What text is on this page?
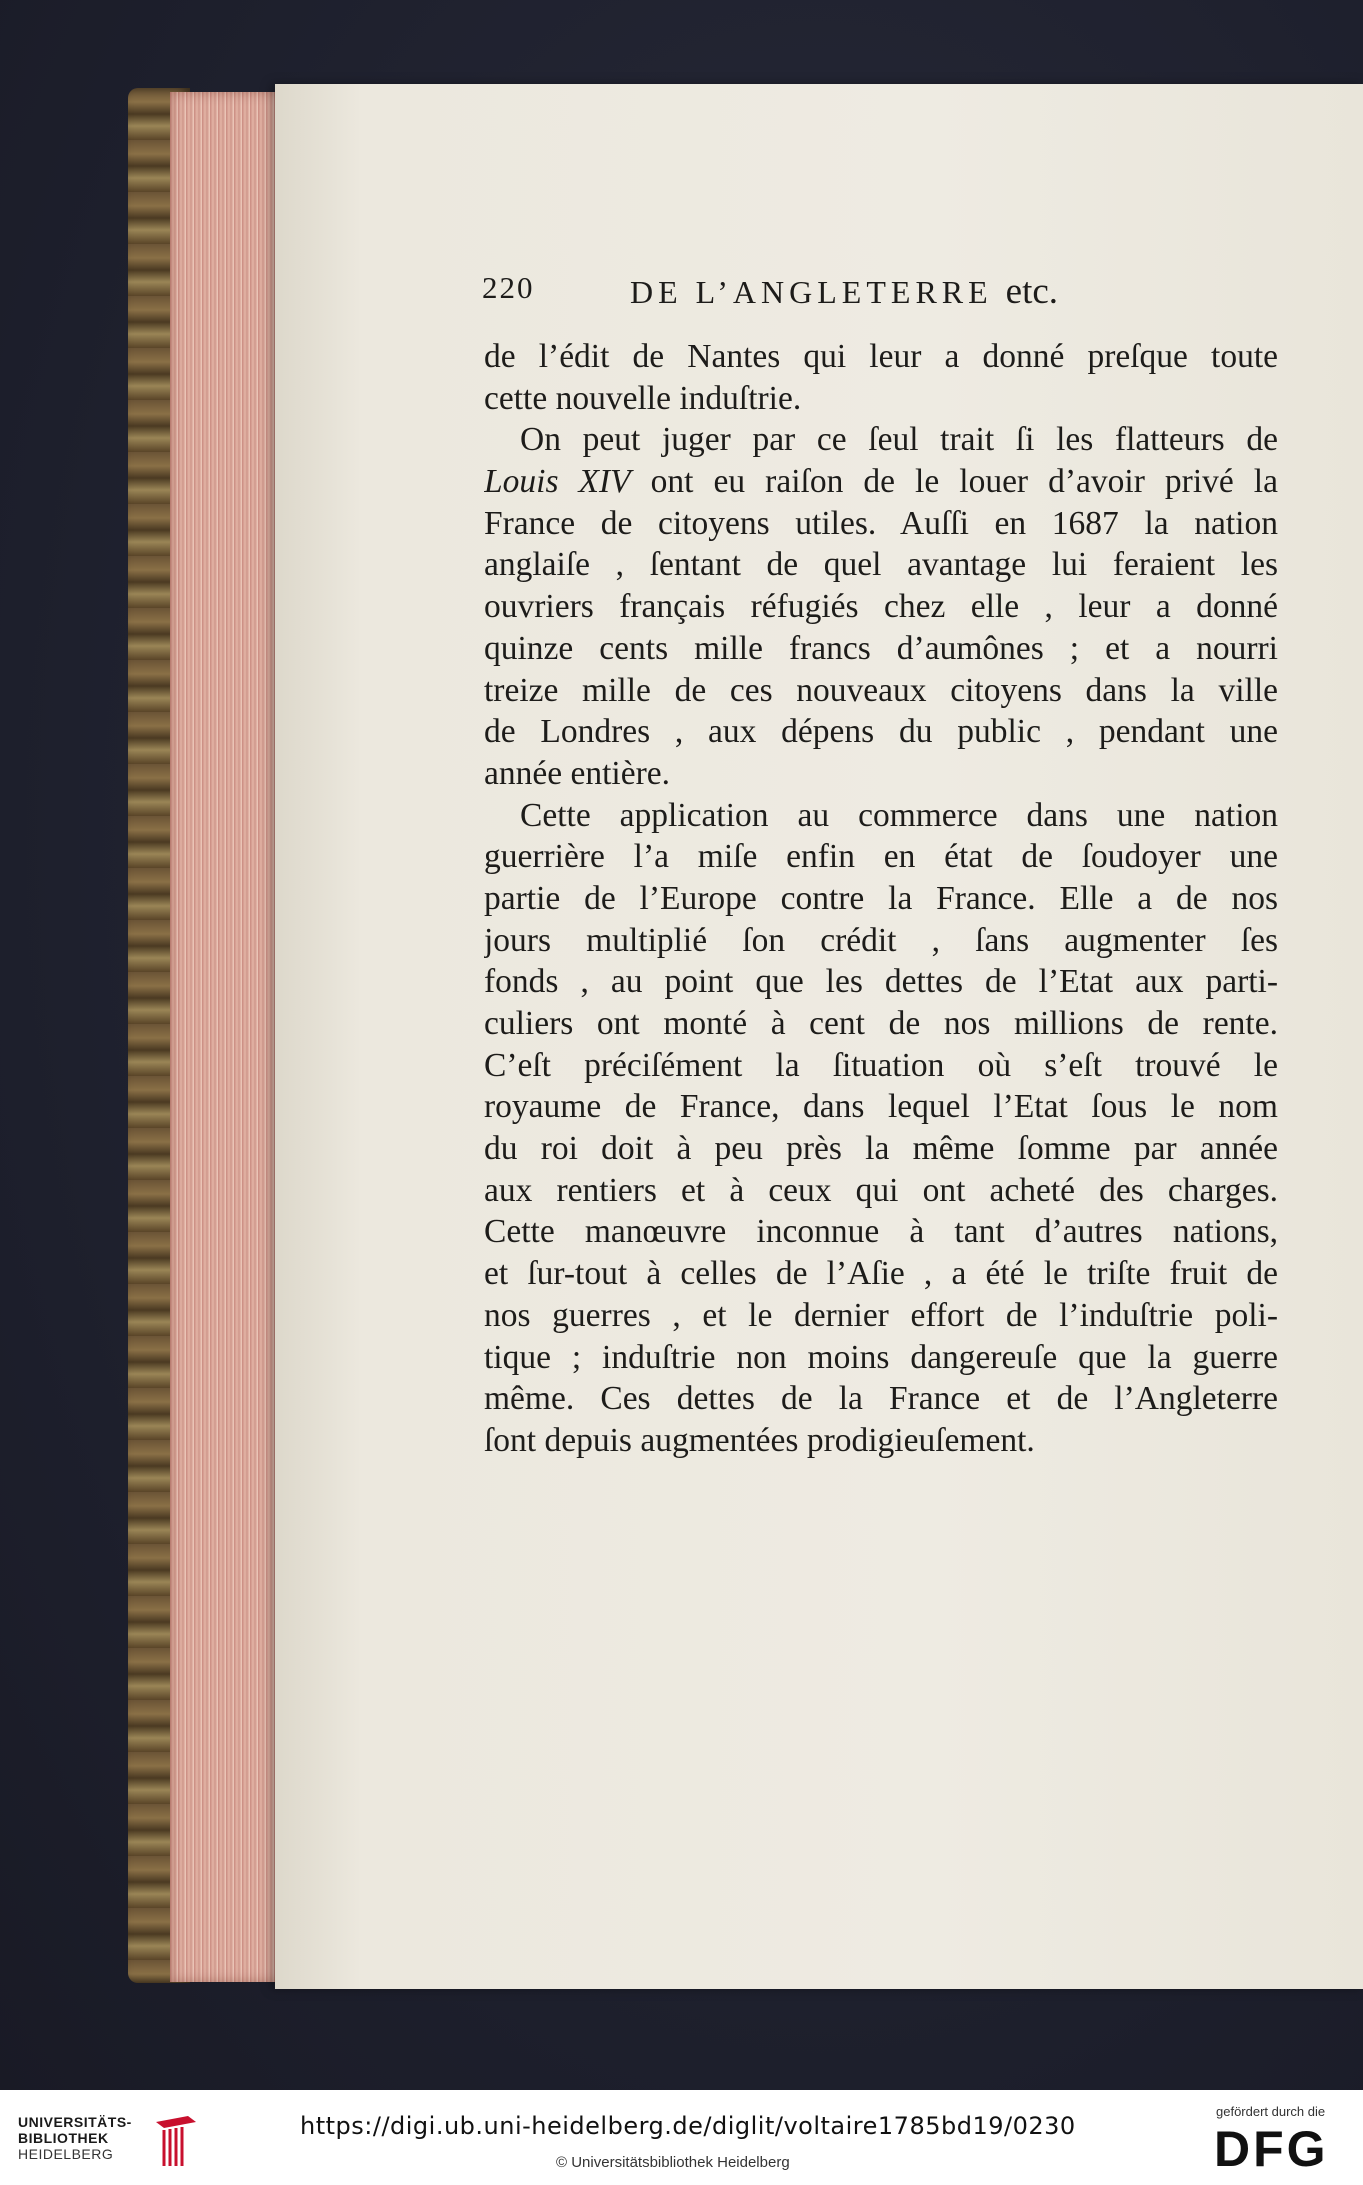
220	DE L’ANGLETERRE etc.
de l’édit de Nantes qui leur a donné preſque toute
cette nouvelle induſtrie.
On peut juger par ce ſeul trait ſi les flatteurs de
Louis XIV ont eu raiſon de le louer d’avoir privé la
France de citoyens utiles. Auſſi en 1687 la nation
anglaiſe , ſentant de quel avantage lui feraient les
ouvriers français réfugiés chez elle , leur a donné
quinze cents mille francs d’aumônes ; et a nourri
treize mille de ces nouveaux citoyens dans la ville
de Londres , aux dépens du public , pendant une
année entière.
Cette application au commerce dans une nation
guerrière l’a miſe enfin en état de ſoudoyer une
partie de l’Europe contre la France. Elle a de nos
jours multiplié ſon crédit , ſans augmenter ſes
fonds , au point que les dettes de l’Etat aux parti-
culiers ont monté à cent de nos millions de rente.
C’eſt préciſément la ſituation où s’eſt trouvé le
royaume de France, dans lequel l’Etat ſous le nom
du roi doit à peu près la même ſomme par année
aux rentiers et à ceux qui ont acheté des charges.
Cette manœuvre inconnue à tant d’autres nations,
et ſur-tout à celles de l’Aſie , a été le triſte fruit de
nos guerres , et le dernier effort de l’induſtrie poli-
tique ; induſtrie non moins dangereuſe que la guerre
même. Ces dettes de la France et de l’Angleterre
ſont depuis augmentées prodigieuſement.
UNIVERSITÄTS-
BIBLIOTHEK
HEIDELBERG
https://digi.ub.uni-heidelberg.de/diglit/voltaire1785bd19/0230
© Universitätsbibliothek Heidelberg
gefördert durch die
DFG
